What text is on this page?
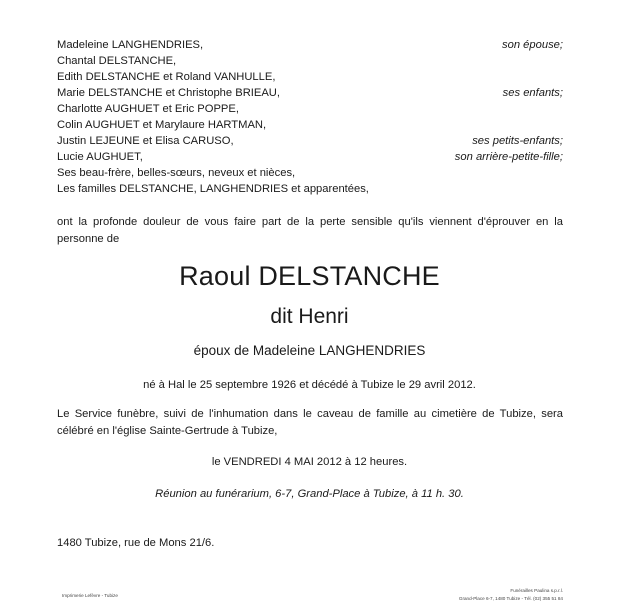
Madeleine LANGHENDRIES,	son épouse;
Chantal DELSTANCHE,
Edith DELSTANCHE et Roland VANHULLE,
Marie DELSTANCHE et Christophe BRIEAU,	ses enfants;
Charlotte AUGHUET et Eric POPPE,
Colin AUGHUET et Marylaure HARTMAN,
Justin LEJEUNE et Elisa CARUSO,	ses petits-enfants;
Lucie AUGHUET,	son arrière-petite-fille;
Ses beau-frère, belles-sœurs, neveux et nièces,
Les familles DELSTANCHE, LANGHENDRIES et apparentées,
ont la profonde douleur de vous faire part de la perte sensible qu'ils viennent d'éprouver en la personne de
Raoul DELSTANCHE
dit Henri
époux de Madeleine LANGHENDRIES
né à Hal le 25 septembre 1926 et décédé à Tubize le 29 avril 2012.
Le Service funèbre, suivi de l'inhumation dans le caveau de famille au cimetière de Tubize, sera célébré en l'église Sainte-Gertrude à Tubize,
le VENDREDI 4 MAI 2012 à 12 heures.
Réunion au funérarium, 6-7, Grand-Place à Tubize, à 11 h. 30.
1480 Tubize, rue de Mons 21/6.
Imprimerie Lefèvre - Tubize
Funérailles Paulina s.p.r.l.
Grand-Place 6-7, 1480 Tubize - Tél. (02) 355 51 84
